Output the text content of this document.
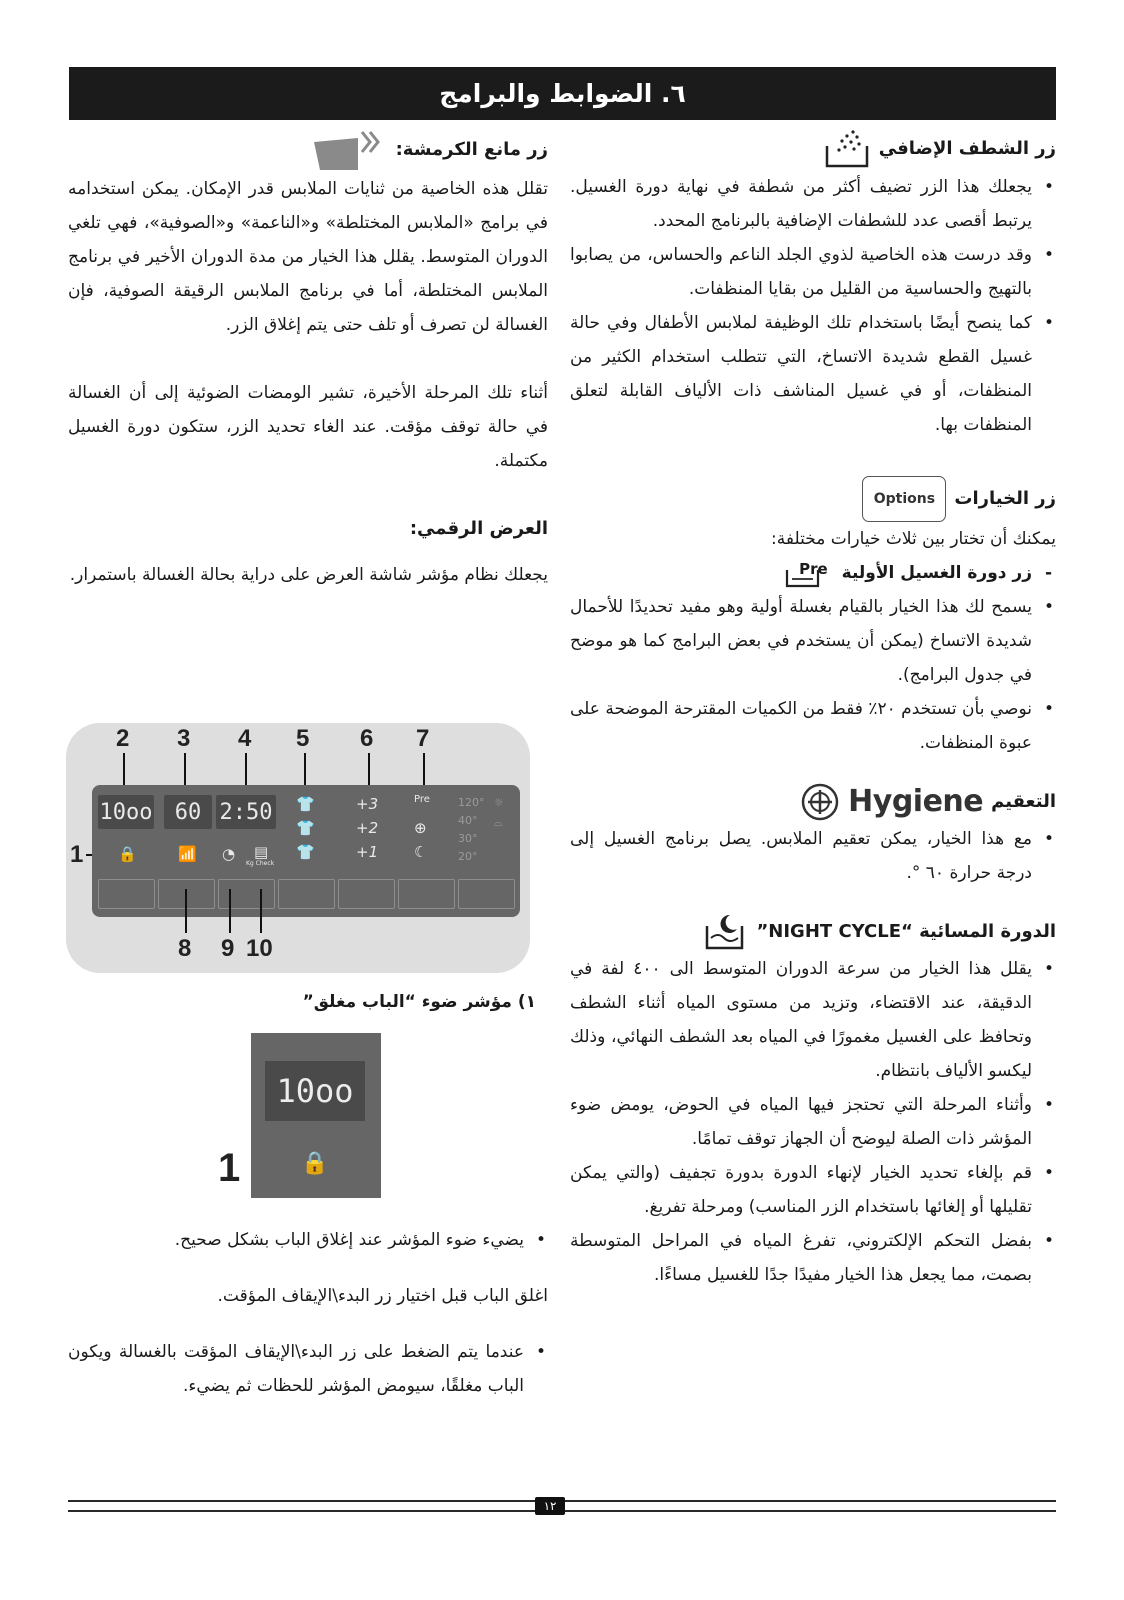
٦. الضوابط والبرامج
زر الشطف الإضافي
• يجعلك هذا الزر تضيف أكثر من شطفة في نهاية دورة الغسيل. يرتبط أقصى عدد للشطفات الإضافية بالبرنامج المحدد.
• وقد درست هذه الخاصية لذوي الجلد الناعم والحساس، من يصابوا بالتهيج والحساسية من القليل من بقايا المنظفات.
• كما ينصح أيضًا باستخدام تلك الوظيفة لملابس الأطفال وفي حالة غسيل القطع شديدة الاتساخ، التي تتطلب استخدام الكثير من المنظفات، أو في غسيل المناشف ذات الألياف القابلة لتعلق المنظفات بها.
زر الخيارات
Options
يمكنك أن تختار بين ثلاث خيارات مختلفة:
- زر دورة الغسيل الأولية
Pre
• يسمح لك هذا الخيار بالقيام بغسلة أولية وهو مفيد تحديدًا للأحمال شديدة الاتساخ (يمكن أن يستخدم في بعض البرامج كما هو موضح في جدول البرامج).
• نوصي بأن تستخدم ٢٠٪ فقط من الكميات المقترحة الموضحة على عبوة المنظفات.
التعقيم
Hygiene
• مع هذا الخيار، يمكن تعقيم الملابس. يصل برنامج الغسيل إلى درجة حرارة ٦٠ °.
الدورة المسائية “NIGHT CYCLE”
• يقلل هذا الخيار من سرعة الدوران المتوسط الى ٤٠٠ لفة في الدقيقة، عند الاقتضاء، وتزيد من مستوى المياه أثناء الشطف وتحافظ على الغسيل مغمورًا في المياه بعد الشطف النهائي، وذلك ليكسو الألياف بانتظام.
• وأثناء المرحلة التي تحتجز فيها المياه في الحوض، يومض ضوء المؤشر ذات الصلة ليوضح أن الجهاز توقف تمامًا.
• قم بإلغاء تحديد الخيار لإنهاء الدورة بدورة تجفيف (والتي يمكن تقليلها أو إلغائها باستخدام الزر المناسب) ومرحلة تفريغ.
• بفضل التحكم الإلكتروني، تفرغ المياه في المراحل المتوسطة بصمت، مما يجعل هذا الخيار مفيدًا جدًا للغسيل مساءًا.
زر مانع الكرمشة:
تقلل هذه الخاصية من ثنايات الملابس قدر الإمكان. يمكن استخدامه في برامج «الملابس المختلطة» و«الناعمة» و«الصوفية»، فهي تلغي الدوران المتوسط. يقلل هذا الخيار من مدة الدوران الأخير في برنامج الملابس المختلطة، أما في برنامج الملابس الرقيقة الصوفية، فإن الغسالة لن تصرف أو تلف حتى يتم إغلاق الزر.
أثناء تلك المرحلة الأخيرة، تشير الومضات الضوئية إلى أن الغسالة في حالة توقف مؤقت. عند الغاء تحديد الزر، ستكون دورة الغسيل مكتملة.
العرض الرقمي:
يجعلك نظام مؤشر شاشة العرض على دراية بحالة الغسالة باستمرار.
2 3 4 5 6 7
1
10oo	60 2:50 👕
👕
👕
+3
+2
+1
Pre
⊕
☾
120°
40°
30°
20°
☼
⌓
🔒	📶 ◔ ▤
Kg Check
8 9 10
١) مؤشر ضوء “الباب مغلق”
10oo
🔒
1
• يضيء ضوء المؤشر عند إغلاق الباب بشكل صحيح.
اغلق الباب قبل اختيار زر البدء\الإيقاف المؤقت.
• عندما يتم الضغط على زر البدء\الإيقاف المؤقت بالغسالة ويكون الباب مغلقًا، سيومض المؤشر للحظات ثم يضيء.
١٢
